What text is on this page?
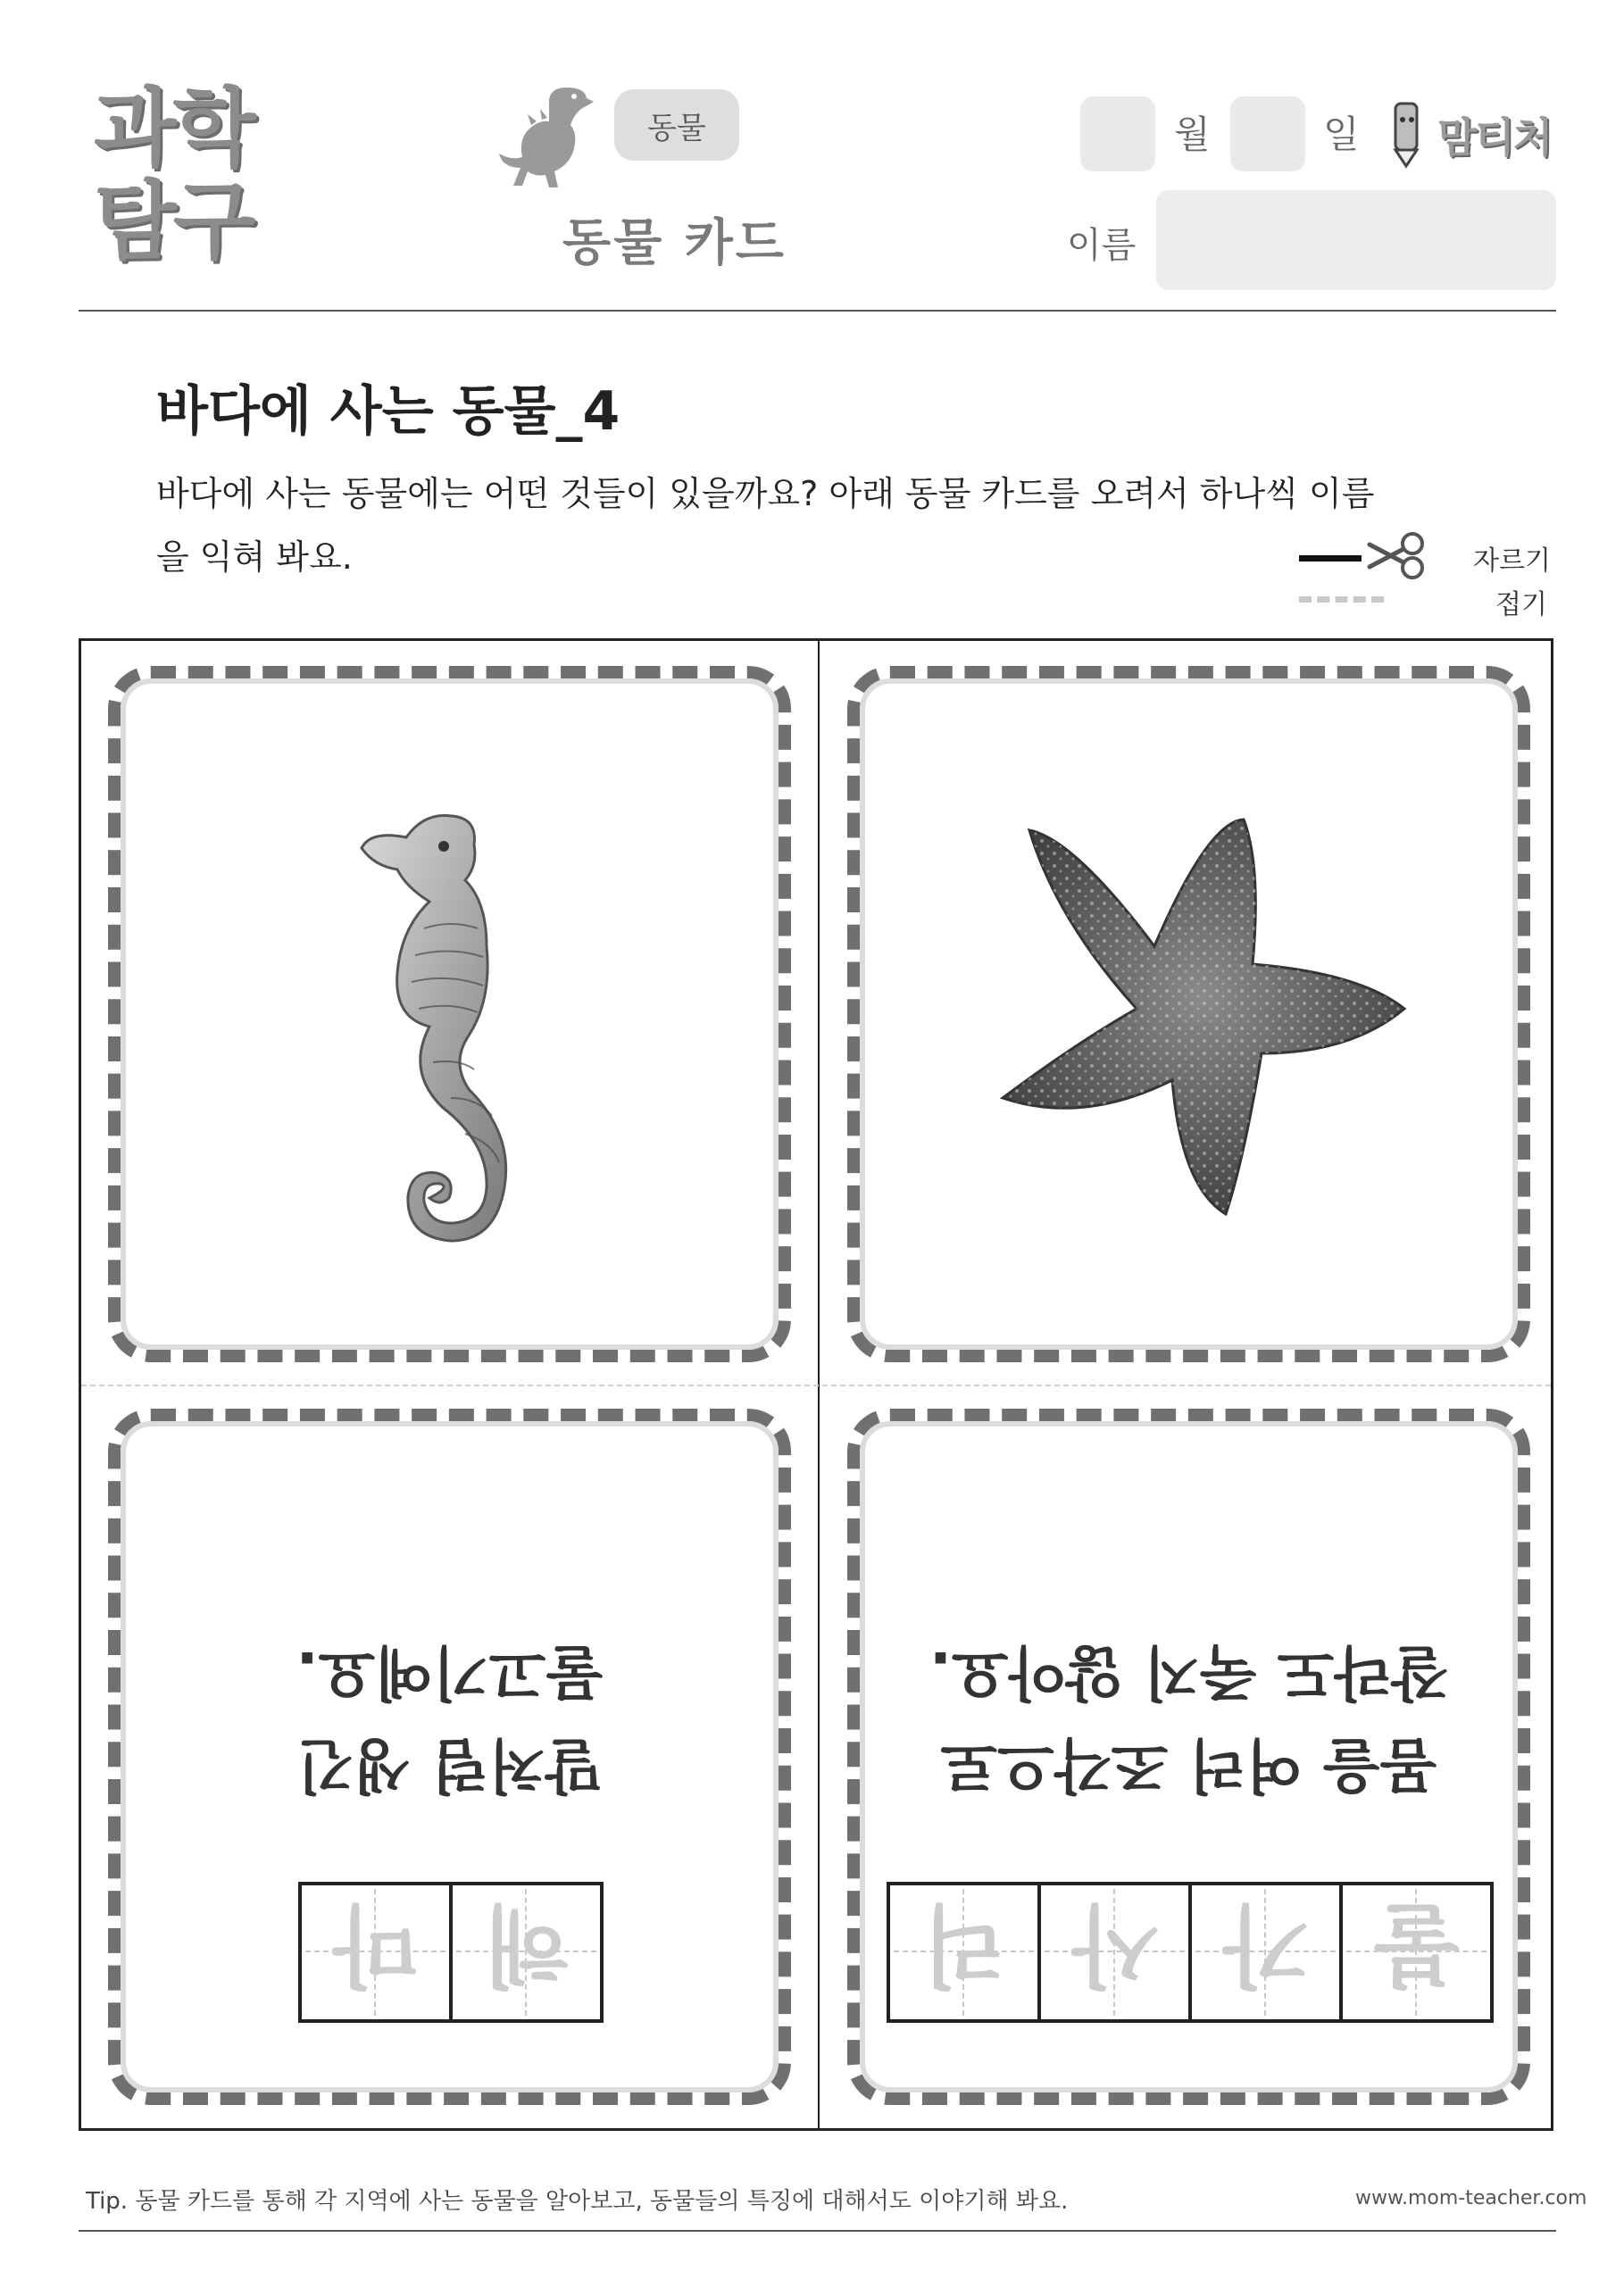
과학
탐구
동물
동물 카드
월	일 맘티처
이름
바다에 사는 동물_4
바다에 사는 동물에는 어떤 것들이 있을까요? 아래 동물 카드를 오려서 하나씩 이름
을 익혀 봐요.	자르기
접기
해
마
말처럼 생긴
물고기예요.
불
가
사
리
몸을 여러 조각으로
잘라도 죽지 않아요.
Tip. 동물 카드를 통해 각 지역에 사는 동물을 알아보고, 동물들의 특징에 대해서도 이야기해 봐요.	www.mom-teacher.com
